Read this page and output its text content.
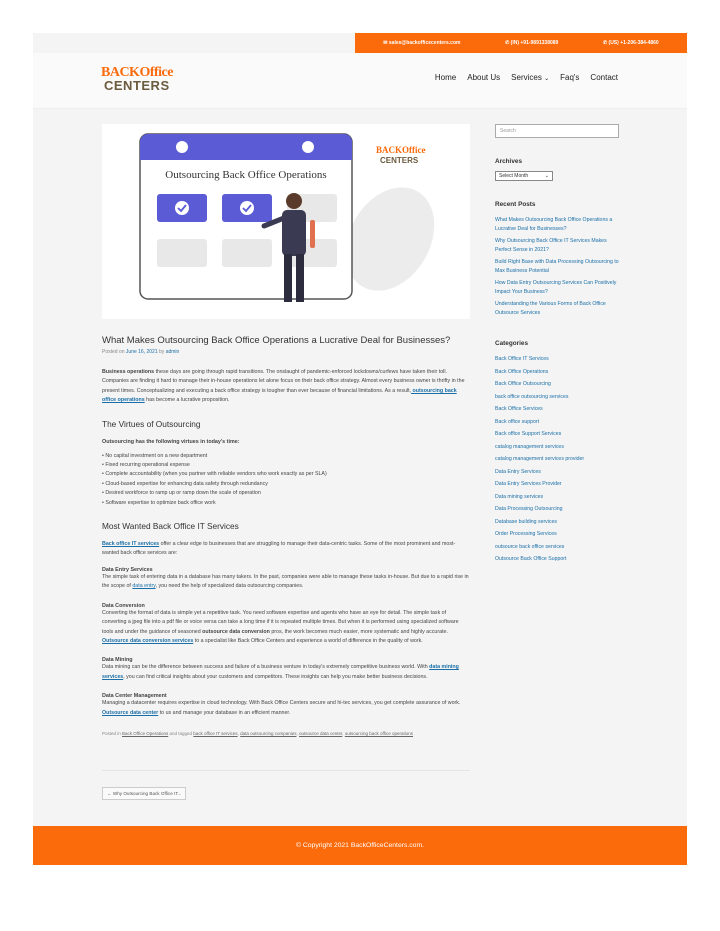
✉ sales@backofficecenters.com	✆ (IN) +91-9891338089	✆ (US) +1-206-384-4860
BACKOffice
CENTERS
Home About Us Services ⌄ Faq's Contact
Outsourcing Back Office Operations
BACKOffice
CENTERS
What Makes Outsourcing Back Office Operations a Lucrative Deal for Businesses?
Posted on June 16, 2021 by admin

Business operations these days are going through rapid transitions. The onslaught of pandemic-enforced lockdowns/curfews have taken their toll. Companies are finding it hard to manage their in-house operations let alone focus on their back office strategy. Almost every business owner is thrifty in the present times. Conceptualizing and executing a back office strategy is tougher than ever because of financial limitations. As a result, outsourcing back office operations has become a lucrative proposition.

The Virtues of Outsourcing
Outsourcing has the following virtues in today's time:
• No capital investment on a new department
• Fixed recurring operational expense
• Complete accountability (when you partner with reliable vendors who work exactly as per SLA)
• Cloud-based expertise for enhancing data safety through redundancy
• Desired workforce to ramp up or ramp down the scale of operation
• Software expertise to optimize back office work
Most Wanted Back Office IT Services

Back office IT services offer a clear edge to businesses that are struggling to manage their data-centric tasks. Some of the most prominent and most-wanted back office services are:

Data Entry Services

The simple task of entering data in a database has many takers. In the past, companies were able to manage these tasks in-house. But due to a rapid rise in the scope of data entry, you need the help of specialized data outsourcing companies.

Data Conversion

Converting the format of data is simple yet a repetitive task. You need software expertise and agents who have an eye for detail. The simple task of converting a jpeg file into a pdf file or voice versa can take a long time if it is repeated multiple times. But when it is performed using specialized software tools and under the guidance of seasoned outsource data conversion pros, the work becomes much easier, more systematic and highly accurate. Outsource data conversion services to a specialist like Back Office Centers and experience a world of difference in the quality of work.

Data Mining

Data mining can be the difference between success and failure of a business venture in today's extremely competitive business world. With data mining services, you can find critical insights about your customers and competitors. These insights can help you make better business decisions.

Data Center Management

Managing a datacenter requires expertise in cloud technology. With Back Office Centers secure and hi-tec services, you get complete assurance of work. Outsource data center to us and manage your database in an efficient manner.

Posted in Back Office Operations and tagged back office IT services, data outsourcing companies, outsource data center, outsourcing back office operations
← Why Outsourcing Back Office IT...
Search
Archives
Select Month	⌄
Recent Posts
What Makes Outsourcing Back Office Operations a Lucrative Deal for Businesses?
Why Outsourcing Back Office IT Services Makes Perfect Sense in 2021?
Build Right Base with Data Processing Outsourcing to Max Business Potential
How Data Entry Outsourcing Services Can Positively Impact Your Business?
Understanding the Various Forms of Back Office Outsource Services
Categories
Back Office IT Services
Back Office Operations
Back Office Outsourcing
back office outsourcing services
Back Office Services
Back office support
Back office Support Services
catalog management services
catalog management services provider
Data Entry Services
Data Entry Services Provider
Data mining services
Data Processing Outsourcing
Database building services
Order Processing Services
outsource back office services
Outsource Back Office Support
© Copyright 2021 BackOfficeCenters.com.
